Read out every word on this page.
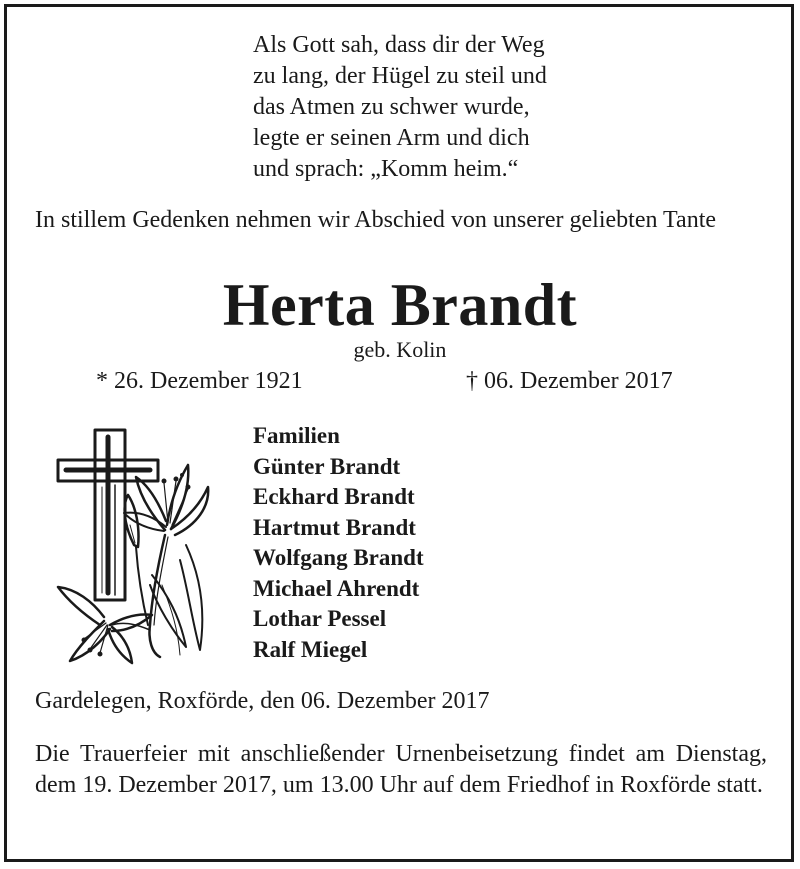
Als Gott sah, dass dir der Weg
zu lang, der Hügel zu steil und
das Atmen zu schwer wurde,
legte er seinen Arm und dich
und sprach: „Komm heim.“
In stillem Gedenken nehmen wir Abschied von unserer geliebten Tante
Herta Brandt
geb. Kolin
* 26. Dezember 1921	† 06. Dezember 2017
Familien
Günter Brandt
Eckhard Brandt
Hartmut Brandt
Wolfgang Brandt
Michael Ahrendt
Lothar Pessel
Ralf Miegel
Gardelegen, Roxförde, den 06. Dezember 2017
Die Trauerfeier mit anschließender Urnenbeisetzung findet am Dienstag, dem 19. Dezember 2017, um 13.00 Uhr auf dem Friedhof in Roxförde statt.
